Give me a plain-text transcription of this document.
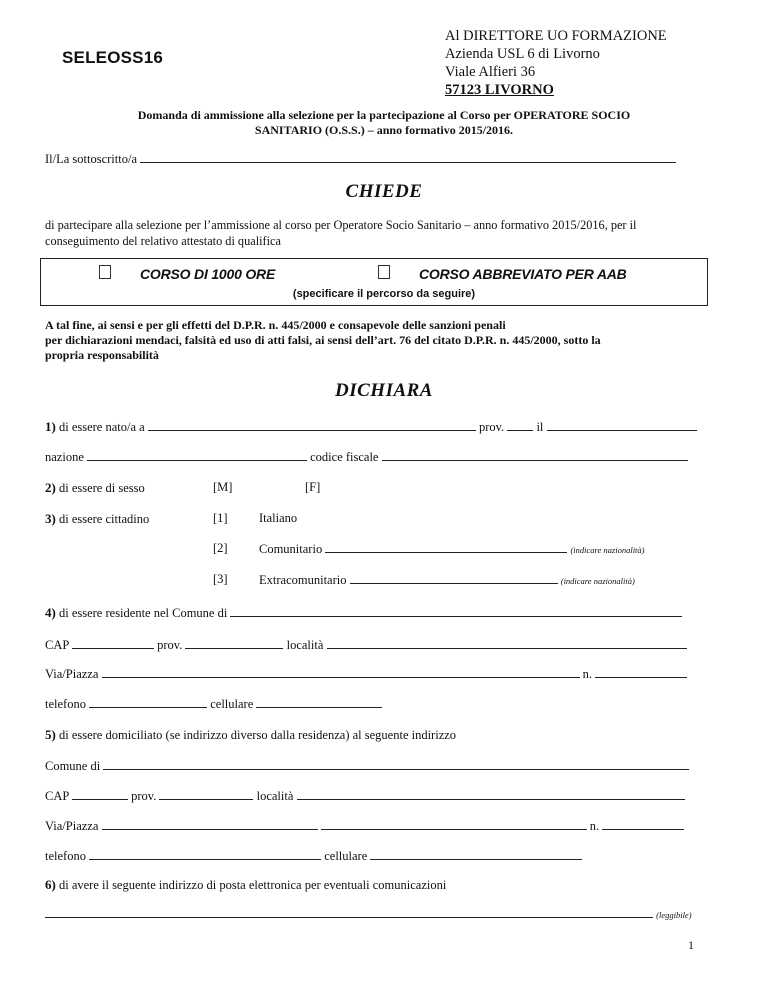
SELEOSS16
Al DIRETTORE UO FORMAZIONE
Azienda USL 6 di Livorno
Viale Alfieri 36
57123 LIVORNO
Domanda di ammissione alla selezione per la partecipazione al Corso per OPERATORE SOCIO
SANITARIO (O.S.S.) – anno formativo 2015/2016.
Il/La sottoscritto/a
CHIEDE
di partecipare alla selezione per l’ammissione al corso per Operatore Socio Sanitario – anno formativo 2015/2016, per il
conseguimento del relativo attestato di qualifica
CORSO DI 1000 ORE	CORSO ABBREVIATO PER AAB
(specificare il percorso da seguire)
A tal fine, ai sensi e per gli effetti del D.P.R. n. 445/2000 e consapevole delle sanzioni penali
per dichiarazioni mendaci, falsità ed uso di atti falsi, ai sensi dell’art. 76 del citato D.P.R. n. 445/2000, sotto la
propria responsabilità
DICHIARA
1) di essere nato/a a	prov.	il
nazione	codice fiscale
2) di essere di sesso	[M]	[F]
3) di essere cittadino	[1]	Italiano
[2]	Comunitario	(indicare nazionalità)
[3]	Extracomunitario	(indicare nazionalità)
4) di essere residente nel Comune di
CAP	prov.	località
Via/Piazza	n.
telefono	cellulare
5) di essere domiciliato (se indirizzo diverso dalla residenza) al seguente indirizzo
Comune di
CAP	prov.	località
Via/Piazza	n.
telefono	cellulare
6) di avere il seguente indirizzo di posta elettronica per eventuali comunicazioni
(leggibile)
1
